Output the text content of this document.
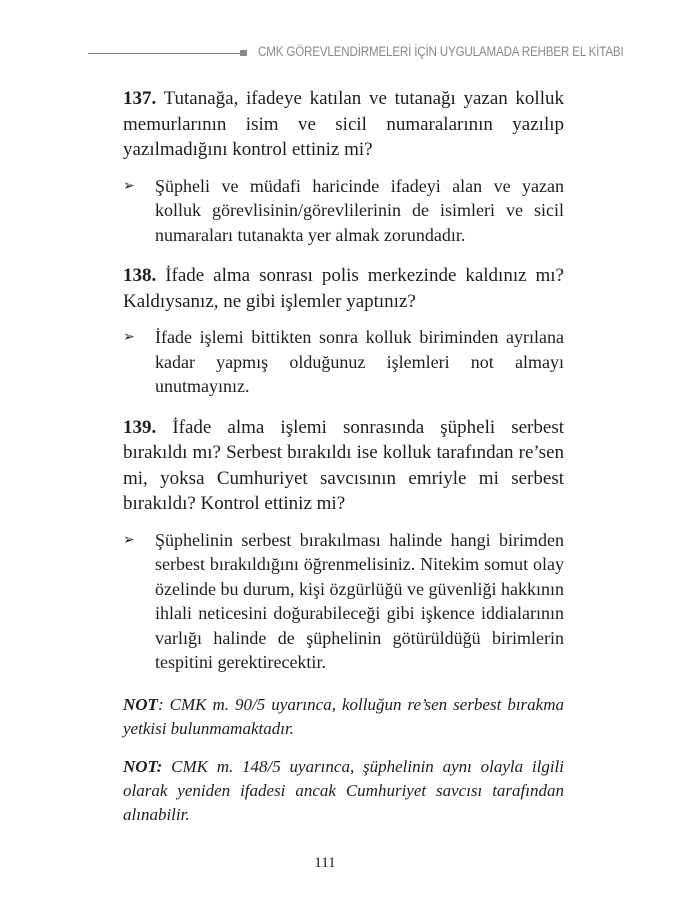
CMK GÖREVLENDİRMELERİ İÇİN UYGULAMADA REHBER EL KİTABI

137. Tutanağa, ifadeye katılan ve tutanağı yazan kolluk memurlarının isim ve sicil numaralarının yazılıp yazılmadığını kontrol ettiniz mi?

➢ Şüpheli ve müdafi haricinde ifadeyi alan ve yazan kolluk görevlisinin/görevlilerinin de isimleri ve sicil numaraları tutanakta yer almak zorundadır.

138. İfade alma sonrası polis merkezinde kaldınız mı? Kaldıysanız, ne gibi işlemler yaptınız?

➢ İfade işlemi bittikten sonra kolluk biriminden ayrılana kadar yapmış olduğunuz işlemleri not almayı unutmayınız.

139. İfade alma işlemi sonrasında şüpheli serbest bırakıldı mı? Serbest bırakıldı ise kolluk tarafından re’sen mi, yoksa Cumhuriyet savcısının emriyle mi serbest bırakıldı? Kontrol ettiniz mi?

➢ Şüphelinin serbest bırakılması halinde hangi birimden serbest bırakıldığını öğrenmelisiniz. Nitekim somut olay özelinde bu durum, kişi özgürlüğü ve güvenliği hakkının ihlali neticesini doğurabileceği gibi işkence iddialarının varlığı halinde de şüphelinin götürüldüğü birimlerin tespitini gerektirecektir.

NOT: CMK m. 90/5 uyarınca, kolluğun re’sen serbest bırakma yetkisi bulunmamaktadır.

NOT: CMK m. 148/5 uyarınca, şüphelinin aynı olayla ilgili olarak yeniden ifadesi ancak Cumhuriyet savcısı tarafından alınabilir.

111
